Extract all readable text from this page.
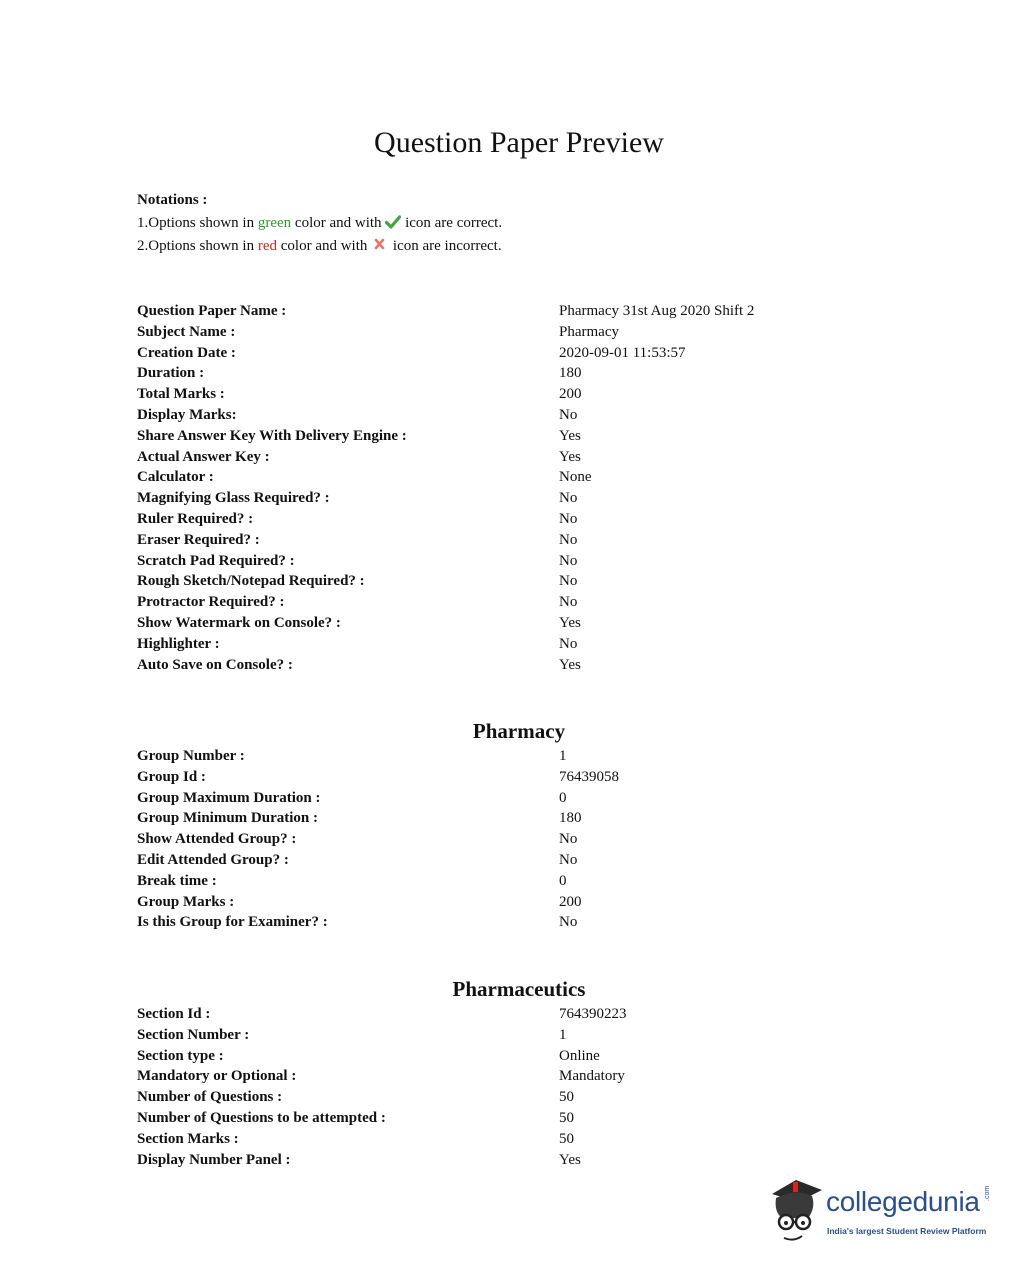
Question Paper Preview
Notations :
1.Options shown in green color and with  icon are correct.
2.Options shown in red color and with  icon are incorrect.
Question Paper Name :	Pharmacy 31st Aug 2020 Shift 2
Subject Name :	Pharmacy
Creation Date :	2020-09-01 11:53:57
Duration :	180
Total Marks :	200
Display Marks:	No
Share Answer Key With Delivery Engine :	Yes
Actual Answer Key :	Yes
Calculator :	None
Magnifying Glass Required? :	No
Ruler Required? :	No
Eraser Required? :	No
Scratch Pad Required? :	No
Rough Sketch/Notepad Required? :	No
Protractor Required? :	No
Show Watermark on Console? :	Yes
Highlighter :	No
Auto Save on Console? :	Yes
Pharmacy
Group Number :	1
Group Id :	76439058
Group Maximum Duration :	0
Group Minimum Duration :	180
Show Attended Group? :	No
Edit Attended Group? :	No
Break time :	0
Group Marks :	200
Is this Group for Examiner? :	No
Pharmaceutics
Section Id :	764390223
Section Number :	1
Section type :	Online
Mandatory or Optional :	Mandatory
Number of Questions :	50
Number of Questions to be attempted :	50
Section Marks :	50
Display Number Panel :	Yes
collegedunia .com
India's largest Student Review Platform
